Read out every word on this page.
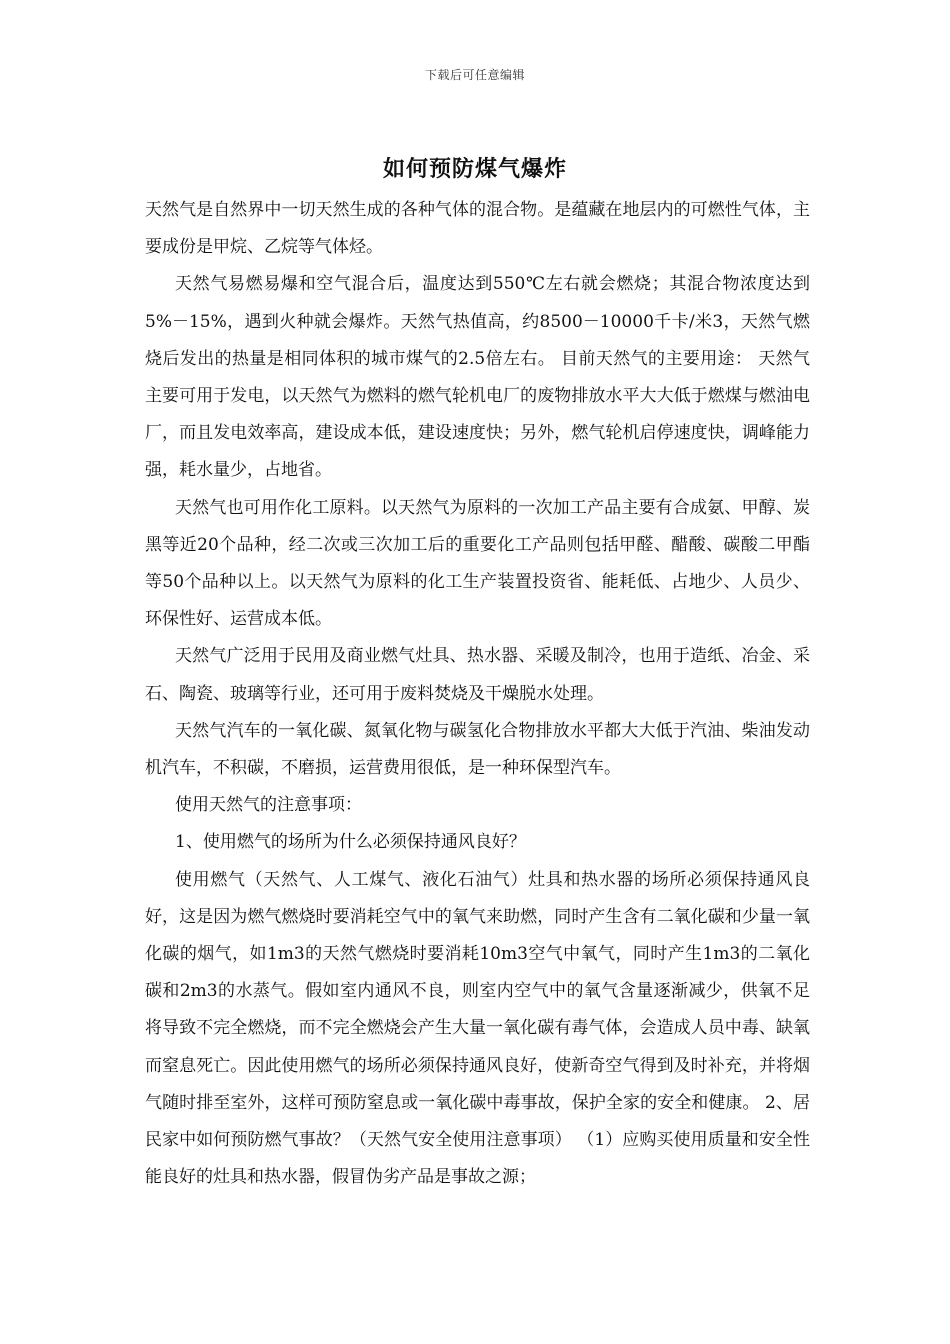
下载后可任意编辑
如何预防煤气爆炸

天然气是自然界中一切天然生成的各种气体的混合物。是蕴藏在地层内的可燃性气体，主要成份是甲烷、乙烷等气体烃。

天然气易燃易爆和空气混合后，温度达到550℃左右就会燃烧；其混合物浓度达到5%－15%，遇到火种就会爆炸。天然气热值高，约8500－10000千卡/米3，天然气燃烧后发出的热量是相同体积的城市煤气的2.5倍左右。 目前天然气的主要用途： 天然气主要可用于发电，以天然气为燃料的燃气轮机电厂的废物排放水平大大低于燃煤与燃油电厂，而且发电效率高，建设成本低，建设速度快；另外，燃气轮机启停速度快，调峰能力强，耗水量少，占地省。

天然气也可用作化工原料。以天然气为原料的一次加工产品主要有合成氨、甲醇、炭黑等近20个品种，经二次或三次加工后的重要化工产品则包括甲醛、醋酸、碳酸二甲酯等50个品种以上。以天然气为原料的化工生产装置投资省、能耗低、占地少、人员少、环保性好、运营成本低。

天然气广泛用于民用及商业燃气灶具、热水器、采暖及制冷，也用于造纸、冶金、采石、陶瓷、玻璃等行业，还可用于废料焚烧及干燥脱水处理。

天然气汽车的一氧化碳、氮氧化物与碳氢化合物排放水平都大大低于汽油、柴油发动机汽车，不积碳，不磨损，运营费用很低，是一种环保型汽车。

使用天然气的注意事项：

1、使用燃气的场所为什么必须保持通风良好？

使用燃气（天然气、人工煤气、液化石油气）灶具和热水器的场所必须保持通风良好，这是因为燃气燃烧时要消耗空气中的氧气来助燃，同时产生含有二氧化碳和少量一氧化碳的烟气，如1m3的天然气燃烧时要消耗10m3空气中氧气，同时产生1m3的二氧化碳和2m3的水蒸气。假如室内通风不良，则室内空气中的氧气含量逐渐减少，供氧不足将导致不完全燃烧，而不完全燃烧会产生大量一氧化碳有毒气体，会造成人员中毒、缺氧而窒息死亡。因此使用燃气的场所必须保持通风良好，使新奇空气得到及时补充，并将烟气随时排至室外，这样可预防窒息或一氧化碳中毒事故，保护全家的安全和健康。 2、居民家中如何预防燃气事故？（天然气安全使用注意事项） （1）应购买使用质量和安全性能良好的灶具和热水器，假冒伪劣产品是事故之源；
